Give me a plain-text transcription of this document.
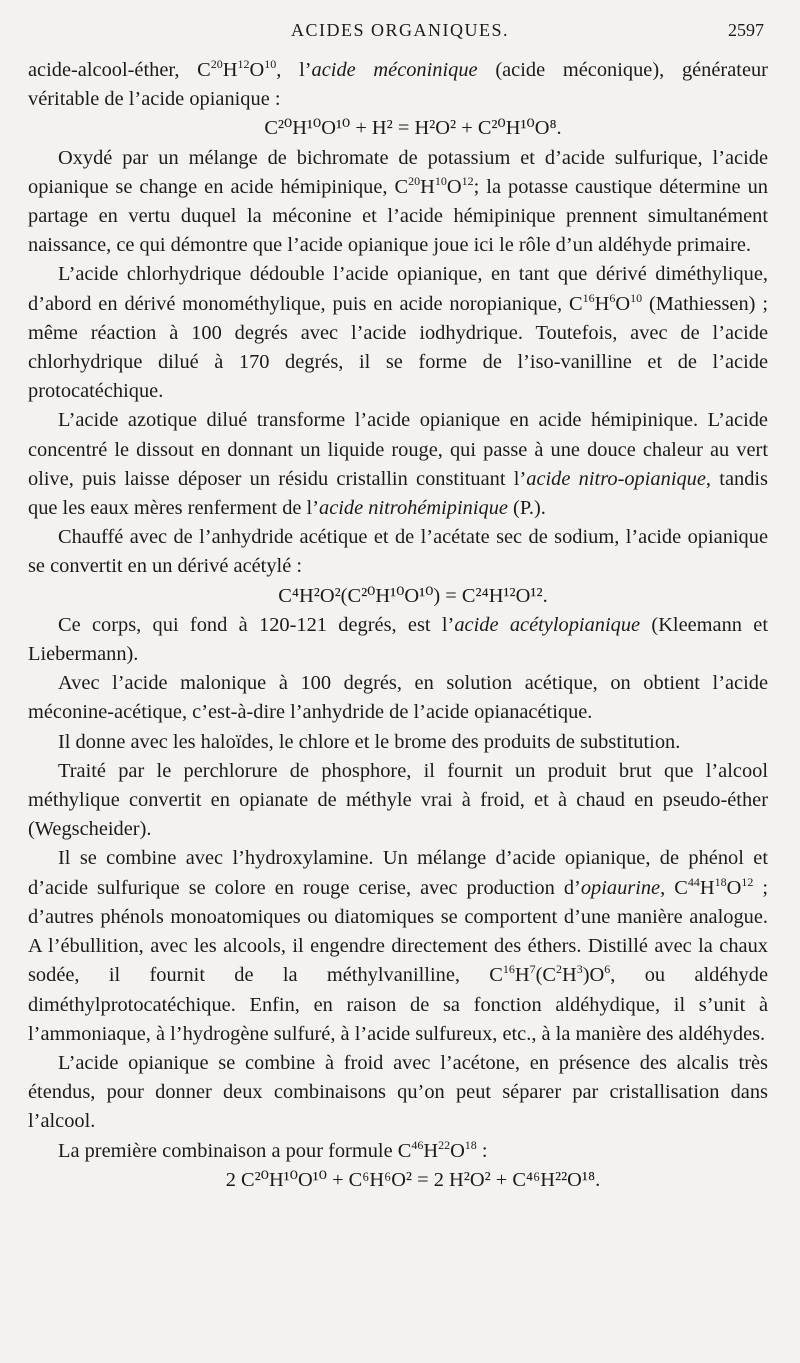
ACIDES ORGANIQUES.	2597

acide-alcool-éther, $C^{20}H^{12}O^{10}$, l’acide méconinique (acide méconique), générateur véritable de l’acide opianique :

C²⁰H¹⁰O¹⁰ + H² = H²O² + C²⁰H¹⁰O⁸.

Oxydé par un mélange de bichromate de potassium et d’acide sulfurique, l’acide opianique se change en acide hémipinique, $C^{20}H^{10}O^{12}$; la potasse caustique détermine un partage en vertu duquel la méconine et l’acide hémipinique prennent simultanément naissance, ce qui démontre que l’acide opianique joue ici le rôle d’un aldéhyde primaire.

L’acide chlorhydrique dédouble l’acide opianique, en tant que dérivé diméthylique, d’abord en dérivé monométhylique, puis en acide noropianique, $C^{16}H^6O^{10}$ (Mathiessen) ; même réaction à 100 degrés avec l’acide iodhydrique. Toutefois, avec de l’acide chlorhydrique dilué à 170 degrés, il se forme de l’iso-vanilline et de l’acide protocatéchique.

L’acide azotique dilué transforme l’acide opianique en acide hémipinique. L’acide concentré le dissout en donnant un liquide rouge, qui passe à une douce chaleur au vert olive, puis laisse déposer un résidu cristallin constituant l’acide nitro-opianique, tandis que les eaux mères renferment de l’acide nitrohémipinique (P.).

Chauffé avec de l’anhydride acétique et de l’acétate sec de sodium, l’acide opianique se convertit en un dérivé acétylé :

C⁴H²O²(C²⁰H¹⁰O¹⁰) = C²⁴H¹²O¹².

Ce corps, qui fond à 120-121 degrés, est l’acide acétylopianique (Kleemann et Liebermann).

Avec l’acide malonique à 100 degrés, en solution acétique, on obtient l’acide méconine-acétique, c’est-à-dire l’anhydride de l’acide opianacétique.

Il donne avec les haloïdes, le chlore et le brome des produits de substitution.

Traité par le perchlorure de phosphore, il fournit un produit brut que l’alcool méthylique convertit en opianate de méthyle vrai à froid, et à chaud en pseudo-éther (Wegscheider).

Il se combine avec l’hydroxylamine. Un mélange d’acide opianique, de phénol et d’acide sulfurique se colore en rouge cerise, avec production d’opiaurine, $C^{44}H^{18}O^{12}$ ; d’autres phénols monoatomiques ou diatomiques se comportent d’une manière analogue. A l’ébullition, avec les alcools, il engendre directement des éthers. Distillé avec la chaux sodée, il fournit de la méthylvanilline, $C^{16}H^7(C^2H^3)O^6$, ou aldéhyde diméthylprotocatéchique. Enfin, en raison de sa fonction aldéhydique, il s’unit à l’ammoniaque, à l’hydrogène sulfuré, à l’acide sulfureux, etc., à la manière des aldéhydes.

L’acide opianique se combine à froid avec l’acétone, en présence des alcalis très étendus, pour donner deux combinaisons qu’on peut séparer par cristallisation dans l’alcool.

La première combinaison a pour formule $C^{46}H^{22}O^{18}$ :

2 C²⁰H¹⁰O¹⁰ + C⁶H⁶O² = 2 H²O² + C⁴⁶H²²O¹⁸.
